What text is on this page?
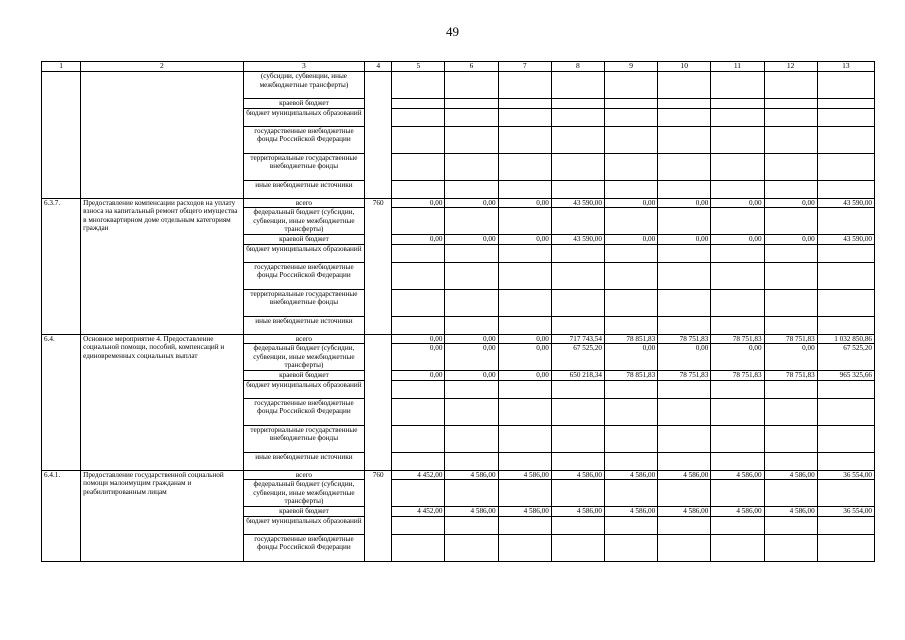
49
1	2	3	4	5	6	7	8	9	10	11	12	13
		(субсидии, субвенции, иные межбюджетные трансферты)										
		краевой бюджет										
		бюджет муниципальных образований										
		государственные внебюджетные фонды Российской Федерации										
		территориальные государственные внебюджетные фонды										
		иные внебюджетные источники										
6.3.7.	Предоставление компенсации расходов на уплату взноса на капитальный ремонт общего имущества в многоквартирном доме отдельным категориям граждан	всего	760	0,00	0,00	0,00	43 590,00	0,00	0,00	0,00	0,00	43 590,00
		федеральный бюджет (субсидии, субвенции, иные межбюджетные трансферты)										
		краевой бюджет		0,00	0,00	0,00	43 590,00	0,00	0,00	0,00	0,00	43 590,00
		бюджет муниципальных образований										
		государственные внебюджетные фонды Российской Федерации										
		территориальные государственные внебюджетные фонды										
		иные внебюджетные источники										
6.4.	Основное мероприятие 4. Предоставление социальной помощи, пособий, компенсаций и единовременных социальных выплат	всего		0,00	0,00	0,00	717 743,54	78 851,83	78 751,83	78 751,83	78 751,83	1 032 850,86
		федеральный бюджет (субсидии, субвенции, иные межбюджетные трансферты)		0,00	0,00	0,00	67 525,20	0,00	0,00	0,00	0,00	67 525,20
		краевой бюджет		0,00	0,00	0,00	650 218,34	78 851,83	78 751,83	78 751,83	78 751,83	965 325,66
		бюджет муниципальных образований										
		государственные внебюджетные фонды Российской Федерации										
		территориальные государственные внебюджетные фонды										
		иные внебюджетные источники										
6.4.1.	Предоставление государственной социальной помощи малоимущим гражданам и реабилитированным лицам	всего	760	4 452,00	4 586,00	4 586,00	4 586,00	4 586,00	4 586,00	4 586,00	4 586,00	36 554,00
		федеральный бюджет (субсидии, субвенции, иные межбюджетные трансферты)										
		краевой бюджет		4 452,00	4 586,00	4 586,00	4 586,00	4 586,00	4 586,00	4 586,00	4 586,00	36 554,00
		бюджет муниципальных образований										
		государственные внебюджетные фонды Российской Федерации										
